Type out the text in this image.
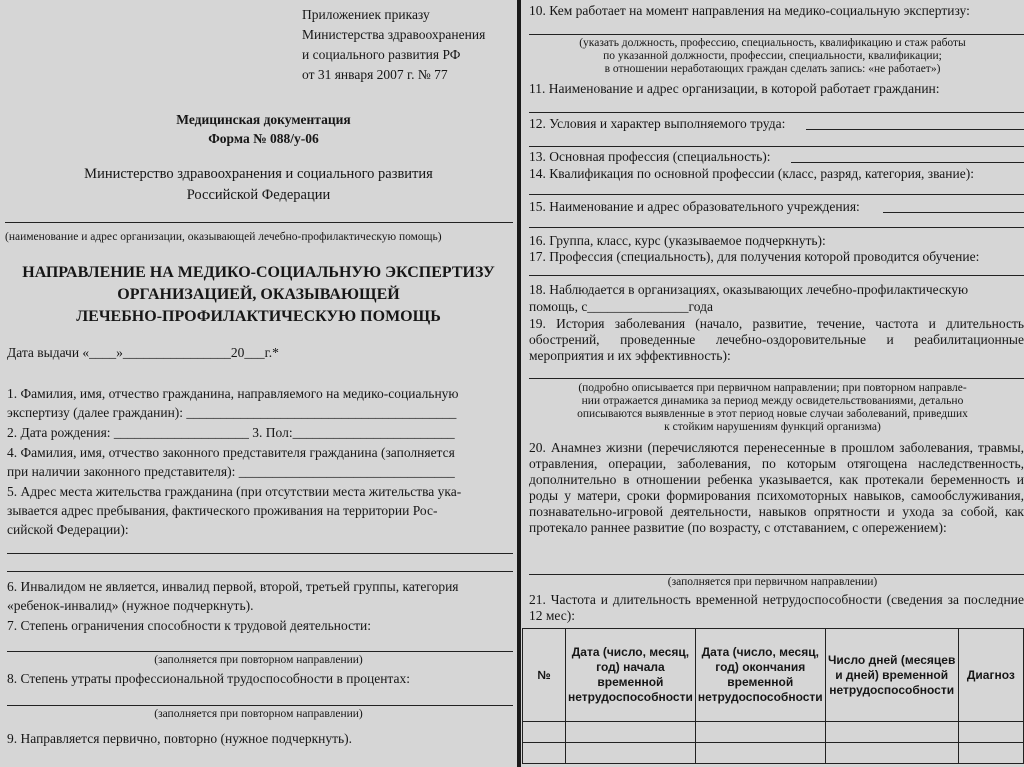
Приложениек приказу
Министерства здравоохранения
и социального развития РФ
от 31 января 2007 г. № 77
Медицинская документация
Форма № 088/у-06
Министерство здравоохранения и социального развития
Российской Федерации
(наименование и адрес организации, оказывающей лечебно-профилактическую помощь)
НАПРАВЛЕНИЕ НА МЕДИКО-СОЦИАЛЬНУЮ ЭКСПЕРТИЗУ
ОРГАНИЗАЦИЕЙ, ОКАЗЫВАЮЩЕЙ
ЛЕЧЕБНО-ПРОФИЛАКТИЧЕСКУЮ ПОМОЩЬ
Дата выдачи «____»________________20___г.*
1. Фамилия, имя, отчество гражданина, направляемого на медико-социальную
экспертизу (далее гражданин): ________________________________________
2. Дата рождения: ____________________ 3. Пол:________________________
4. Фамилия, имя, отчество законного представителя гражданина (заполняется
при наличии законного представителя): ________________________________
5. Адрес места жительства гражданина (при отсутствии места жительства ука-
зывается адрес пребывания, фактического проживания на территории Рос-
сийской Федерации):
6. Инвалидом не является, инвалид первой, второй, третьей группы, категория
«ребенок-инвалид» (нужное подчеркнуть).
7. Степень ограничения способности к трудовой деятельности:
(заполняется при повторном направлении)
8. Степень утраты профессиональной трудоспособности в процентах:
(заполняется при повторном направлении)
9. Направляется первично, повторно (нужное подчеркнуть).
10. Кем работает на момент направления на медико-социальную экспертизу:
(указать должность, профессию, специальность, квалификацию и стаж работы
по указанной должности, профессии, специальности, квалификации;
в отношении неработающих граждан сделать запись: «не работает»)
11. Наименование и адрес организации, в которой работает гражданин:
12. Условия и характер выполняемого труда:
13. Основная профессия (специальность):
14. Квалификация по основной профессии (класс, разряд, категория, звание):
15. Наименование и адрес образовательного учреждения:
16. Группа, класс, курс (указываемое подчеркнуть):
17. Профессия (специальность), для получения которой проводится обучение:
18. Наблюдается в организациях, оказывающих лечебно-профилактическую
помощь, с_______________года
19. История заболевания (начало, развитие, течение, частота и длительность обострений, проведенные лечебно-оздоровительные и реабилитационные мероприятия и их эффективность):
(подробно описывается при первичном направлении; при повторном направле-
нии отражается динамика за период между освидетельствованиями, детально
описываются выявленные в этот период новые случаи заболеваний, приведших
к стойким нарушениям функций организма)
20. Анамнез жизни (перечисляются перенесенные в прошлом заболевания, травмы, отравления, операции, заболевания, по которым отягощена наследственность, дополнительно в отношении ребенка указывается, как протекали беременность и роды у матери, сроки формирования психомоторных навыков, самообслуживания, познавательно-игровой деятельности, навыков опрятности и ухода за собой, как протекало раннее развитие (по возрасту, с отставанием, с опережением):
(заполняется при первичном направлении)
21. Частота и длительность временной нетрудоспособности (сведения за последние 12 мес):
№	Дата (число, месяц, год) начала временной нетрудоспособности	Дата (число, месяц, год) окончания временной нетрудоспособности	Число дней (месяцев и дней) временной нетрудоспособности	Диагноз
